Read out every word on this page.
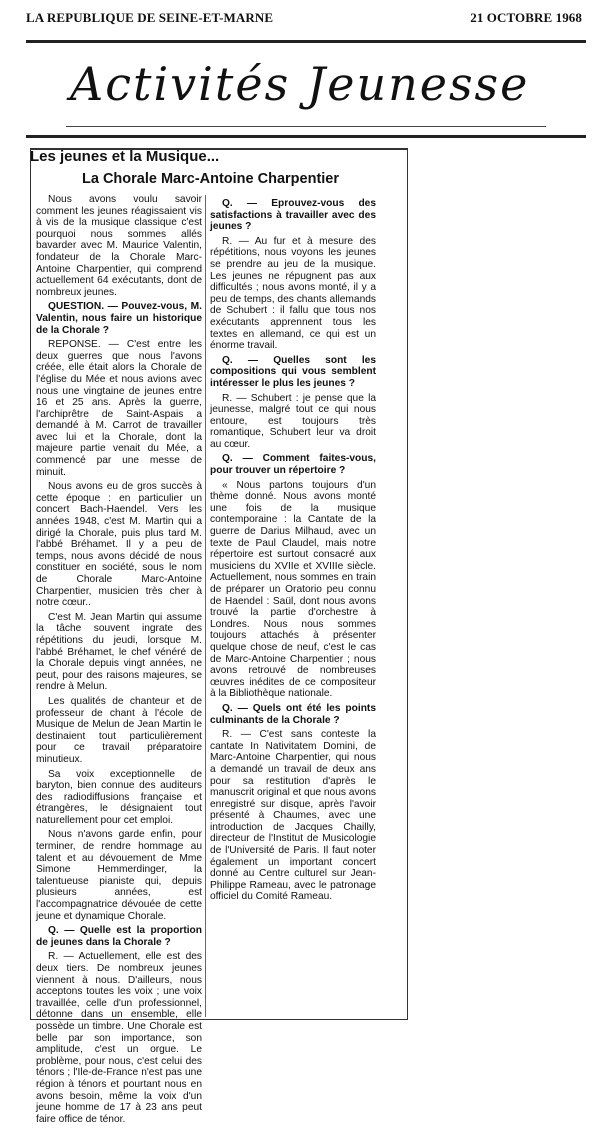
LA REPUBLIQUE DE SEINE-ET-MARNE	21 OCTOBRE 1968
Activités Jeunesse
Les jeunes et la Musique...
La Chorale Marc-Antoine Charpentier

Nous avons voulu savoir comment les jeunes réagissaient vis à vis de la musique classique c'est pourquoi nous sommes allés bavarder avec M. Maurice Valentin, fondateur de la Chorale Marc-Antoine Charpentier, qui comprend actuellement 64 exécutants, dont de nombreux jeunes.

QUESTION. — Pouvez-vous, M. Valentin, nous faire un historique de la Chorale ?

REPONSE. — C'est entre les deux guerres que nous l'avons créée, elle était alors la Chorale de l'église du Mée et nous avions avec nous une vingtaine de jeunes entre 16 et 25 ans. Après la guerre, l'archiprêtre de Saint-Aspais a demandé à M. Carrot de travailler avec lui et la Chorale, dont la majeure partie venait du Mée, a commencé par une messe de minuit.

Nous avons eu de gros succès à cette époque : en particulier un concert Bach-Haendel. Vers les années 1948, c'est M. Martin qui a dirigé la Chorale, puis plus tard M. l'abbé Bréhamet. Il y a peu de temps, nous avons décidé de nous constituer en société, sous le nom de Chorale Marc-Antoine Charpentier, musicien très cher à notre cœur..

C'est M. Jean Martin qui assume la tâche souvent ingrate des répétitions du jeudi, lorsque M. l'abbé Bréhamet, le chef vénéré de la Chorale depuis vingt années, ne peut, pour des raisons majeures, se rendre à Melun.

Les qualités de chanteur et de professeur de chant à l'école de Musique de Melun de Jean Martin le destinaient tout particulièrement pour ce travail préparatoire minutieux.

Sa voix exceptionnelle de baryton, bien connue des auditeurs des radiodiffusions française et étrangères, le désignaient tout naturellement pour cet emploi.

Nous n'avons garde enfin, pour terminer, de rendre hommage au talent et au dévouement de Mme Simone Hemmerdinger, la talentueuse pianiste qui, depuis plusieurs années, est l'accompagnatrice dévouée de cette jeune et dynamique Chorale.

Q. — Quelle est la proportion de jeunes dans la Chorale ?

R. — Actuellement, elle est des deux tiers. De nombreux jeunes viennent à nous. D'ailleurs, nous acceptons toutes les voix ; une voix travaillée, celle d'un professionnel, détonne dans un ensemble, elle possède un timbre. Une Chorale est belle par son importance, son amplitude, c'est un orgue. Le problème, pour nous, c'est celui des ténors ; l'Ile-de-France n'est pas une région à ténors et pourtant nous en avons besoin, même la voix d'un jeune homme de 17 à 23 ans peut faire office de ténor.

Q. — Eprouvez-vous des satisfactions à travailler avec des jeunes ?

R. — Au fur et à mesure des répétitions, nous voyons les jeunes se prendre au jeu de la musique. Les jeunes ne répugnent pas aux difficultés ; nous avons monté, il y a peu de temps, des chants allemands de Schubert : il fallu que tous nos exécutants apprennent tous les textes en allemand, ce qui est un énorme travail.

Q. — Quelles sont les compositions qui vous semblent intéresser le plus les jeunes ?

R. — Schubert : je pense que la jeunesse, malgré tout ce qui nous entoure, est toujours très romantique, Schubert leur va droit au cœur.

Q. — Comment faites-vous, pour trouver un répertoire ?

« Nous partons toujours d'un thème donné. Nous avons monté une fois de la musique contemporaine : la Cantate de la guerre de Darius Milhaud, avec un texte de Paul Claudel, mais notre répertoire est surtout consacré aux musiciens du XVIIe et XVIIIe siècle. Actuellement, nous sommes en train de préparer un Oratorio peu connu de Haendel : Saül, dont nous avons trouvé la partie d'orchestre à Londres. Nous nous sommes toujours attachés à présenter quelque chose de neuf, c'est le cas de Marc-Antoine Charpentier ; nous avons retrouvé de nombreuses œuvres inédites de ce compositeur à la Bibliothèque nationale.

Q. — Quels ont été les points culminants de la Chorale ?

R. — C'est sans conteste la cantate In Nativitatem Domini, de Marc-Antoine Charpentier, qui nous a demandé un travail de deux ans pour sa restitution d'après le manuscrit original et que nous avons enregistré sur disque, après l'avoir présenté à Chaumes, avec une introduction de Jacques Chailly, directeur de l'Institut de Musicologie de l'Université de Paris. Il faut noter également un important concert donné au Centre culturel sur Jean-Philippe Rameau, avec le patronage officiel du Comité Rameau.
